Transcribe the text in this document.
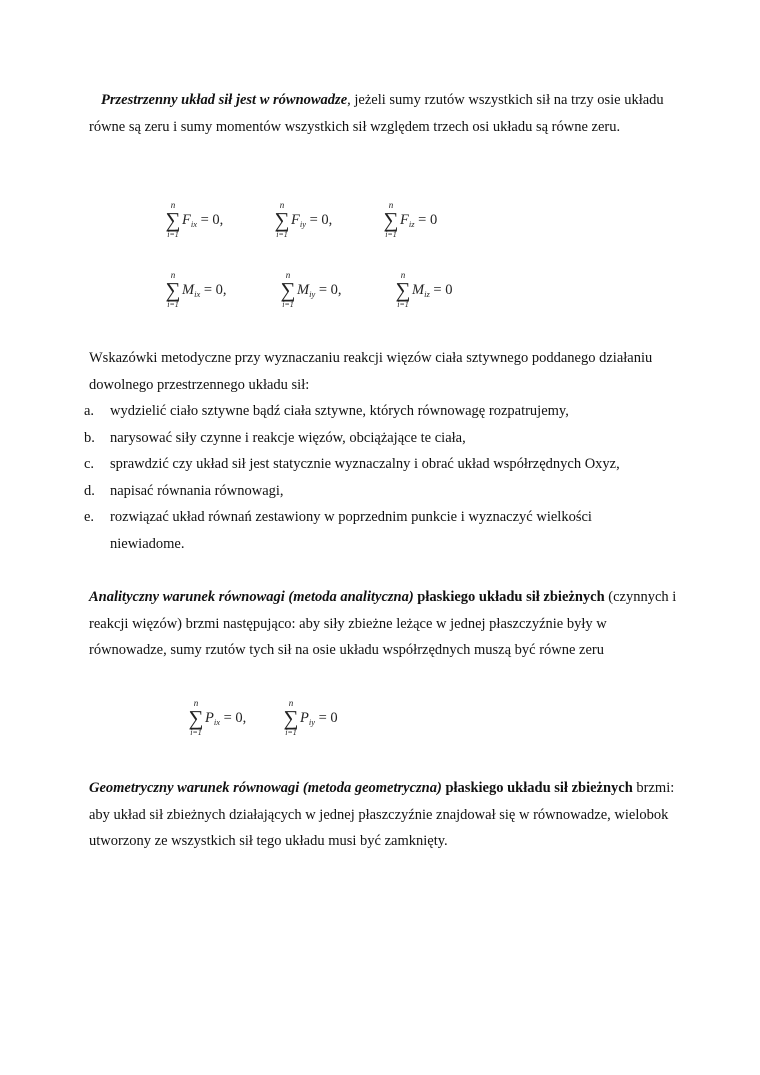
Przestrzenny układ sił jest w równowadze, jeżeli sumy rzutów wszystkich sił na trzy osie układu równe są zeru i sumy momentów wszystkich sił względem trzech osi układu są równe zeru.
n
∑
i=1
$F_{ix} = 0$,
n
∑
i=1
$F_{iy} = 0$,
n
∑
i=1
$F_{iz} = 0$
n
∑
i=1
$M_{ix} = 0$,
n
∑
i=1
$M_{iy} = 0$,
n
∑
i=1
$M_{iz} = 0$
Wskazówki metodyczne przy wyznaczaniu reakcji więzów ciała sztywnego poddanego działaniu dowolnego przestrzennego układu sił:
a. wydzielić ciało sztywne bądź ciała sztywne, których równowagę rozpatrujemy,
b. narysować siły czynne i reakcje więzów, obciążające te ciała,
c. sprawdzić czy układ sił jest statycznie wyznaczalny i obrać układ współrzędnych Oxyz,
d. napisać równania równowagi,
e. rozwiązać układ równań zestawiony w poprzednim punkcie i wyznaczyć wielkości niewiadome.
Analityczny warunek równowagi (metoda analityczna) płaskiego układu sił zbieżnych (czynnych i reakcji więzów) brzmi następująco: aby siły zbieżne leżące w jednej płaszczyźnie były w równowadze, sumy rzutów tych sił na osie układu współrzędnych muszą być równe zeru
n
∑
i=1
$P_{ix} = 0$,
n
∑
i=1
$P_{iy} = 0$
Geometryczny warunek równowagi (metoda geometryczna) płaskiego układu sił zbieżnych brzmi: aby układ sił zbieżnych działających w jednej płaszczyźnie znajdował się w równowadze, wielobok utworzony ze wszystkich sił tego układu musi być zamknięty.
